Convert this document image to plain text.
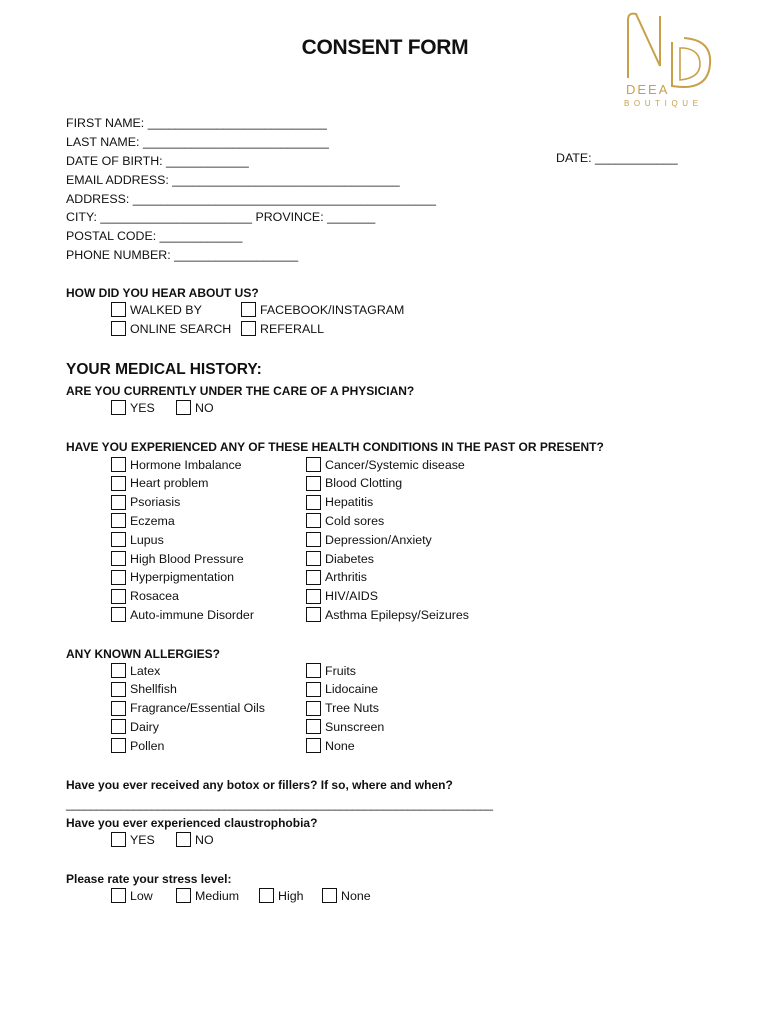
DEEA
BOUTIQUE
CONSENT FORM
FIRST NAME: __________________________
LAST NAME: ___________________________
DATE OF BIRTH: ____________
EMAIL ADDRESS: _________________________________
ADDRESS: ____________________________________________
CITY: ______________________ PROVINCE: _______
POSTAL CODE: ____________
PHONE NUMBER: __________________
DATE: ____________
HOW DID YOU HEAR ABOUT US?
WALKED BY	FACEBOOK/INSTAGRAM
ONLINE SEARCH REFERALL
YOUR MEDICAL HISTORY:
ARE YOU CURRENTLY UNDER THE CARE OF A PHYSICIAN?
YES	NO
HAVE YOU EXPERIENCED ANY OF THESE HEALTH CONDITIONS IN THE PAST OR PRESENT?
Hormone Imbalance
Heart problem
Psoriasis
Eczema
Lupus
High Blood Pressure
Hyperpigmentation
Rosacea
Auto-immune Disorder
Cancer/Systemic disease
Blood Clotting
Hepatitis
Cold sores
Depression/Anxiety
Diabetes
Arthritis
HIV/AIDS
Asthma Epilepsy/Seizures
ANY KNOWN ALLERGIES?
Latex
Shellfish
Fragrance/Essential Oils
Dairy
Pollen
Fruits
Lidocaine
Tree Nuts
Sunscreen
None
Have you ever received any botox or fillers? If so, where and when?
______________________________________________________________________
Have you ever experienced claustrophobia?
YES	NO
Please rate your stress level:
Low	Medium	High	None
